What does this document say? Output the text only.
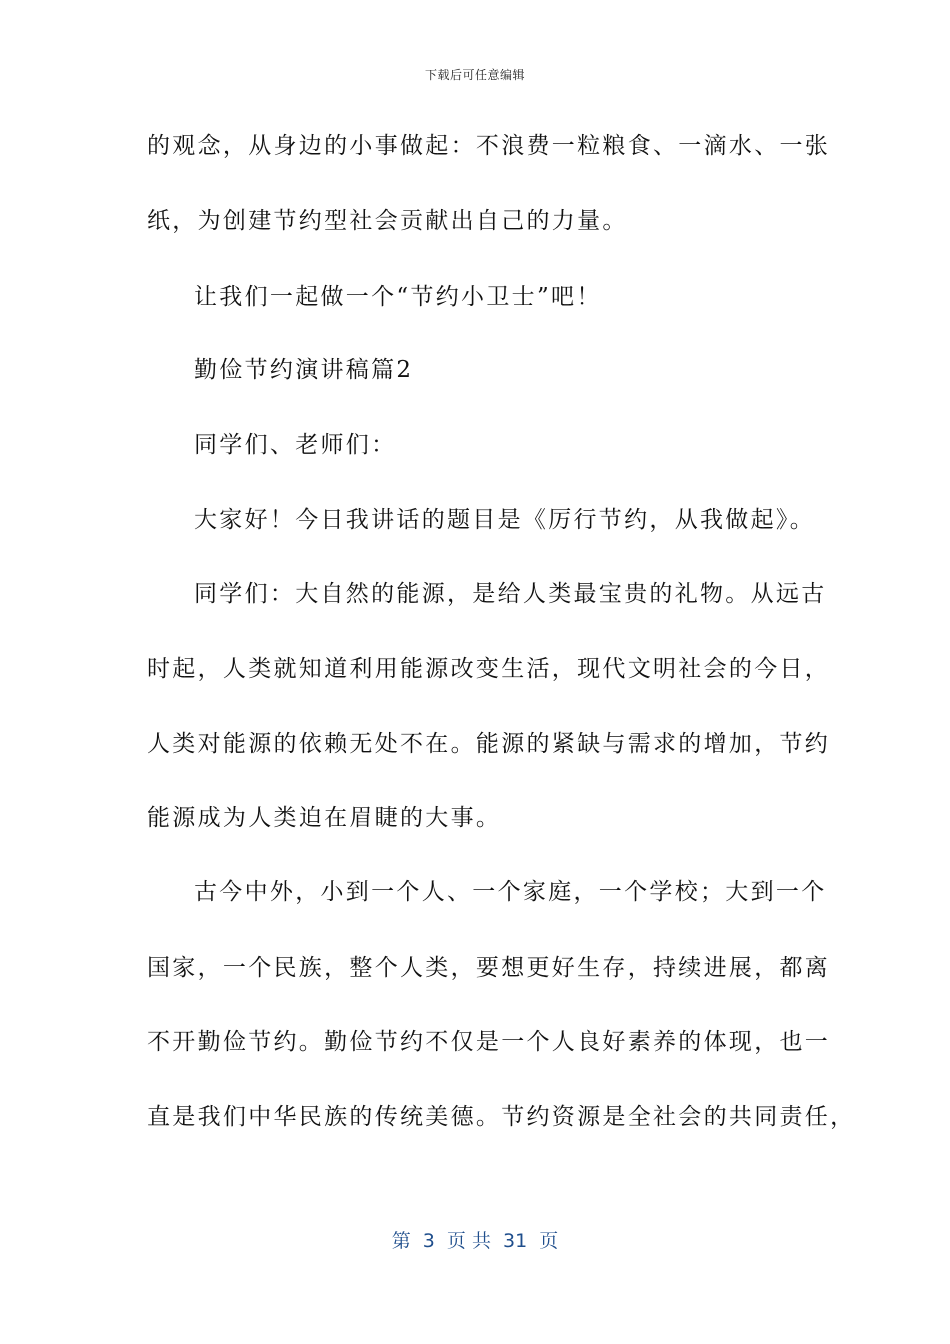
下载后可任意编辑
的观念，从身边的小事做起：不浪费一粒粮食、一滴水、一张
纸，为创建节约型社会贡献出自己的力量。
让我们一起做一个“节约小卫士”吧！
勤俭节约演讲稿篇2
同学们、老师们：
大家好！今日我讲话的题目是《厉行节约，从我做起》。
同学们：大自然的能源，是给人类最宝贵的礼物。从远古
时起，人类就知道利用能源改变生活，现代文明社会的今日，
人类对能源的依赖无处不在。能源的紧缺与需求的增加，节约
能源成为人类迫在眉睫的大事。
古今中外，小到一个人、一个家庭，一个学校；大到一个
国家，一个民族，整个人类，要想更好生存，持续进展，都离
不开勤俭节约。勤俭节约不仅是一个人良好素养的体现，也一
直是我们中华民族的传统美德。节约资源是全社会的共同责任，
第  3  页 共  31  页
